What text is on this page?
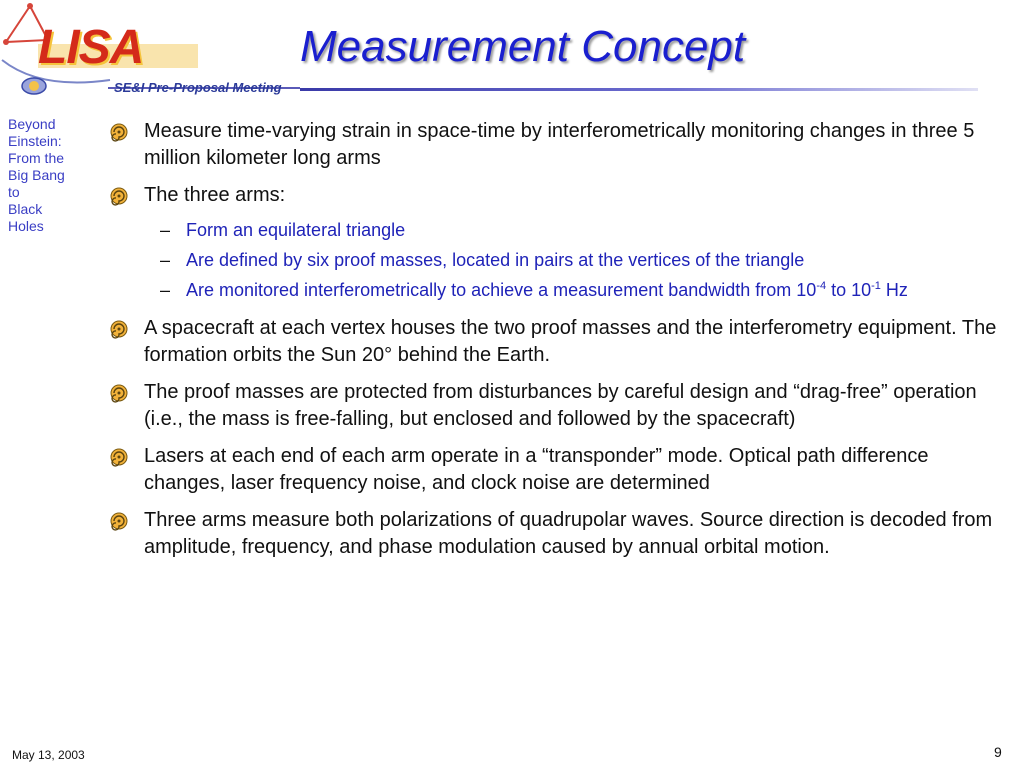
LISA
SE&I Pre-Proposal Meeting
Measurement Concept
Beyond
Einstein:
From the
Big Bang
to
Black
Holes
Measure time-varying strain in space-time by interferometrically monitoring changes in three 5 million kilometer long arms
The three arms:
– Form an equilateral triangle
– Are defined by six proof masses, located in pairs at the vertices of the triangle
– Are monitored interferometrically to achieve a measurement bandwidth from $10^{-4}$ to $10^{-1}$ Hz
A spacecraft at each vertex houses the two proof masses and the interferometry equipment. The formation orbits the Sun 20° behind the Earth.
The proof masses are protected from disturbances by careful design and “drag-free” operation (i.e., the mass is free-falling, but enclosed and followed by the spacecraft)
Lasers at each end of each arm operate in a “transponder” mode. Optical path difference changes, laser frequency noise, and clock noise are determined
Three arms measure both polarizations of quadrupolar waves. Source direction is decoded from amplitude, frequency, and phase modulation caused by annual orbital motion.
May 13, 2003	9
